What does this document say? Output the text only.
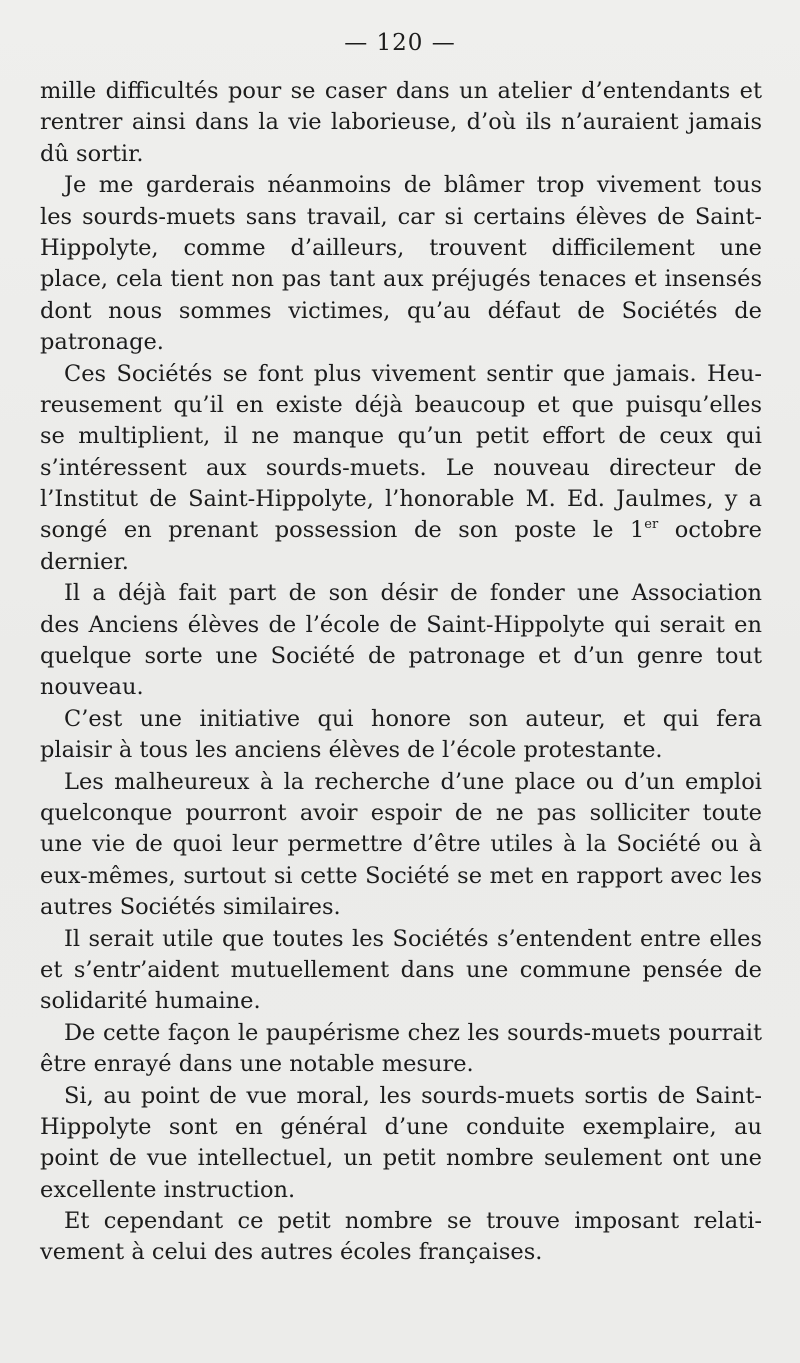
— 120 —
mille difficultés pour se caser dans un atelier d’entendants et
rentrer ainsi dans la vie laborieuse, d’où ils n’auraient jamais
dû sortir.
Je me garderais néanmoins de blâmer trop vivement tous
les sourds-muets sans travail, car si certains élèves de Saint-
Hippolyte, comme d’ailleurs, trouvent difficilement une
place, cela tient non pas tant aux préjugés tenaces et insensés
dont nous sommes victimes, qu’au défaut de Sociétés de
patronage.
Ces Sociétés se font plus vivement sentir que jamais. Heu-
reusement qu’il en existe déjà beaucoup et que puisqu’elles
se multiplient, il ne manque qu’un petit effort de ceux qui
s’intéressent aux sourds-muets. Le nouveau directeur de
l’Institut de Saint-Hippolyte, l’honorable M. Ed. Jaulmes, y a
songé en prenant possession de son poste le 1er octobre
dernier.
Il a déjà fait part de son désir de fonder une Association
des Anciens élèves de l’école de Saint-Hippolyte qui serait en
quelque sorte une Société de patronage et d’un genre tout
nouveau.
C’est une initiative qui honore son auteur, et qui fera
plaisir à tous les anciens élèves de l’école protestante.
Les malheureux à la recherche d’une place ou d’un emploi
quelconque pourront avoir espoir de ne pas solliciter toute
une vie de quoi leur permettre d’être utiles à la Société ou à
eux-mêmes, surtout si cette Société se met en rapport avec les
autres Sociétés similaires.
Il serait utile que toutes les Sociétés s’entendent entre elles
et s’entr’aident mutuellement dans une commune pensée de
solidarité humaine.
De cette façon le paupérisme chez les sourds-muets pourrait
être enrayé dans une notable mesure.
Si, au point de vue moral, les sourds-muets sortis de Saint-
Hippolyte sont en général d’une conduite exemplaire, au
point de vue intellectuel, un petit nombre seulement ont une
excellente instruction.
Et cependant ce petit nombre se trouve imposant relati-
vement à celui des autres écoles françaises.
